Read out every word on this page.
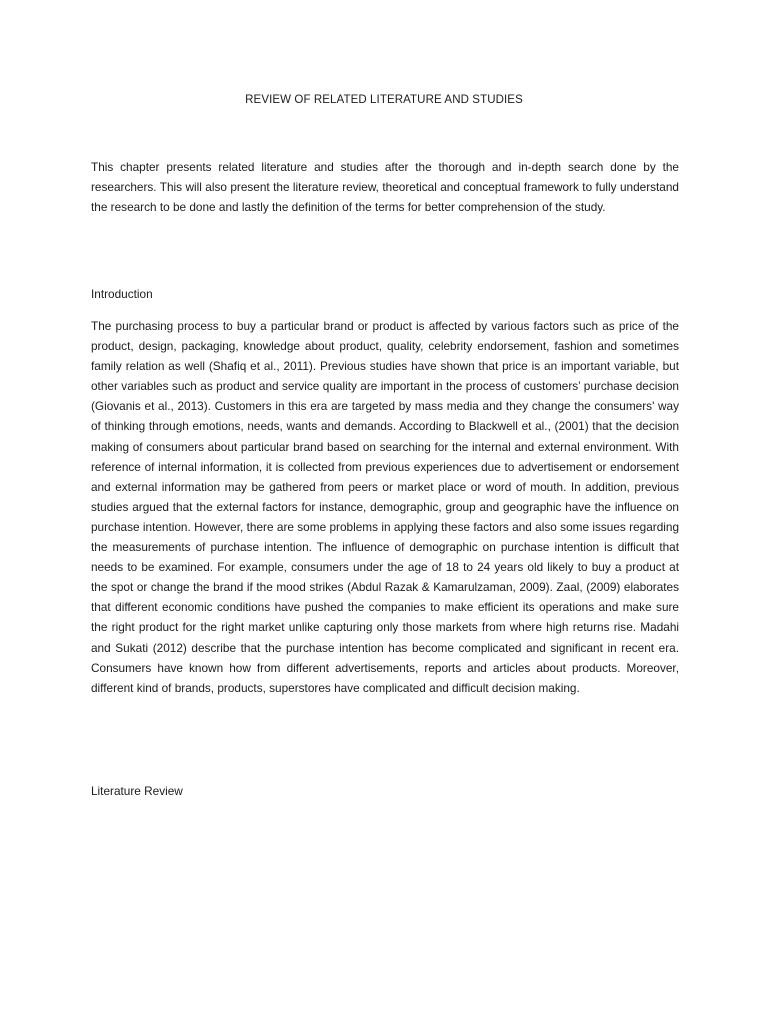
REVIEW OF RELATED LITERATURE AND STUDIES

This chapter presents related literature and studies after the thorough and in-depth search done by the researchers. This will also present the literature review, theoretical and conceptual framework to fully understand the research to be done and lastly the definition of the terms for better comprehension of the study.

Introduction

The purchasing process to buy a particular brand or product is affected by various factors such as price of the product, design, packaging, knowledge about product, quality, celebrity endorsement, fashion and sometimes family relation as well (Shafiq et al., 2011). Previous studies have shown that price is an important variable, but other variables such as product and service quality are important in the process of customers’ purchase decision (Giovanis et al., 2013). Customers in this era are targeted by mass media and they change the consumers' way of thinking through emotions, needs, wants and demands. According to Blackwell et al., (2001) that the decision making of consumers about particular brand based on searching for the internal and external environment. With reference of internal information, it is collected from previous experiences due to advertisement or endorsement and external information may be gathered from peers or market place or word of mouth. In addition, previous studies argued that the external factors for instance, demographic, group and geographic have the influence on purchase intention. However, there are some problems in applying these factors and also some issues regarding the measurements of purchase intention. The influence of demographic on purchase intention is difficult that needs to be examined. For example, consumers under the age of 18 to 24 years old likely to buy a product at the spot or change the brand if the mood strikes (Abdul Razak & Kamarulzaman, 2009). Zaal, (2009) elaborates that different economic conditions have pushed the companies to make efficient its operations and make sure the right product for the right market unlike capturing only those markets from where high returns rise. Madahi and Sukati (2012) describe that the purchase intention has become complicated and significant in recent era. Consumers have known how from different advertisements, reports and articles about products. Moreover, different kind of brands, products, superstores have complicated and difficult decision making.

Literature Review
